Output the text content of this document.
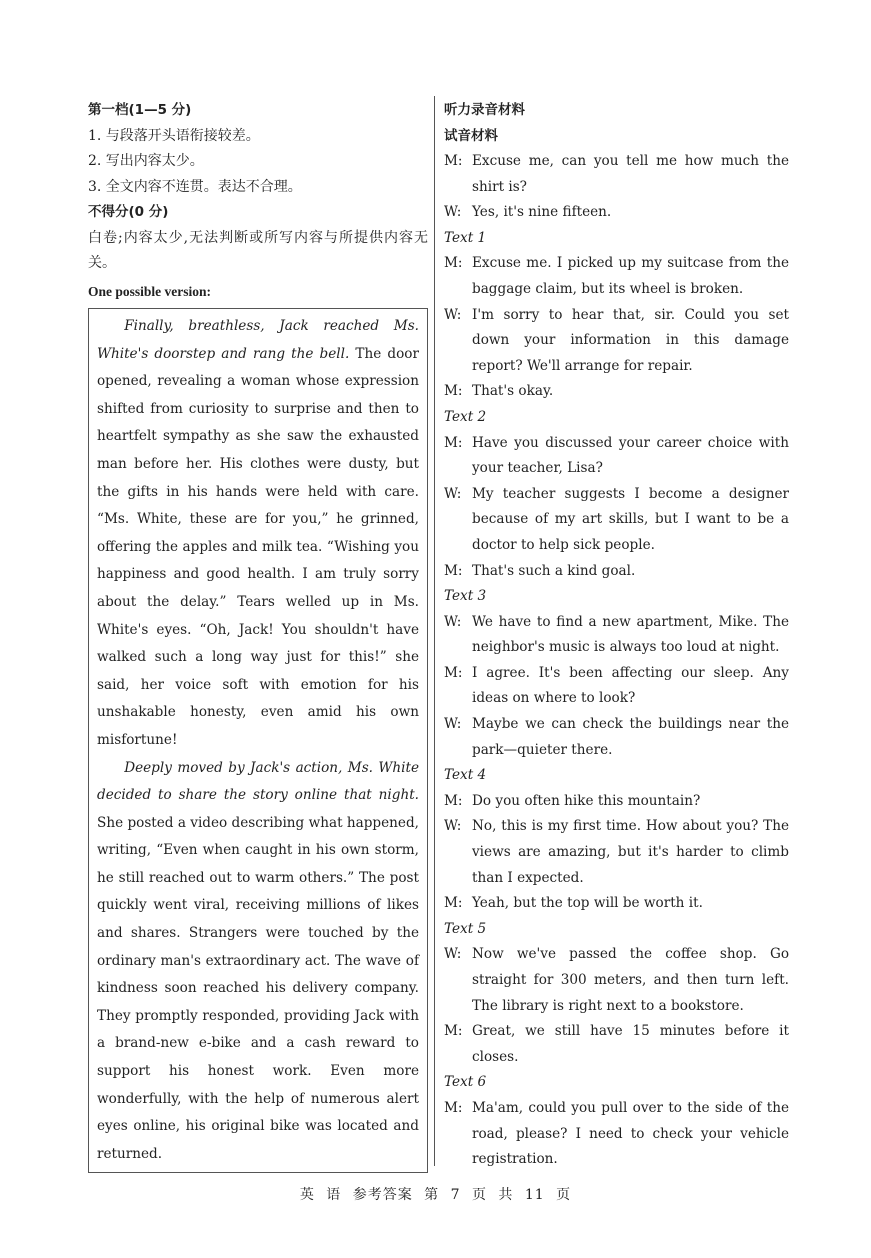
第一档(1—5 分)
1. 与段落开头语衔接较差。
2. 写出内容太少。
3. 全文内容不连贯。表达不合理。
不得分(0 分)
白卷;内容太少,无法判断或所写内容与所提供内容无关。
One possible version:

Finally, breathless, Jack reached Ms. White's doorstep and rang the bell. The door opened, revealing a woman whose expression shifted from curiosity to surprise and then to heartfelt sympathy as she saw the exhausted man before her. His clothes were dusty, but the gifts in his hands were held with care. “Ms. White, these are for you,” he grinned, offering the apples and milk tea. “Wishing you happiness and good health. I am truly sorry about the delay.” Tears welled up in Ms. White's eyes. “Oh, Jack! You shouldn't have walked such a long way just for this!” she said, her voice soft with emotion for his unshakable honesty, even amid his own misfortune!

Deeply moved by Jack's action, Ms. White decided to share the story online that night. She posted a video describing what happened, writing, “Even when caught in his own storm, he still reached out to warm others.” The post quickly went viral, receiving millions of likes and shares. Strangers were touched by the ordinary man's extraordinary act. The wave of kindness soon reached his delivery company. They promptly responded, providing Jack with a brand-new e-bike and a cash reward to support his honest work. Even more wonderfully, with the help of numerous alert eyes online, his original bike was located and returned.

听力录音材料
试音材料
M: Excuse me, can you tell me how much the shirt is?
W: Yes, it's nine fifteen.
Text 1
M: Excuse me. I picked up my suitcase from the baggage claim, but its wheel is broken.
W: I'm sorry to hear that, sir. Could you set down your information in this damage report? We'll arrange for repair.
M: That's okay.
Text 2
M: Have you discussed your career choice with your teacher, Lisa?
W: My teacher suggests I become a designer because of my art skills, but I want to be a doctor to help sick people.
M: That's such a kind goal.
Text 3
W: We have to find a new apartment, Mike. The neighbor's music is always too loud at night.
M: I agree. It's been affecting our sleep. Any ideas on where to look?
W: Maybe we can check the buildings near the park—quieter there.
Text 4
M: Do you often hike this mountain?
W: No, this is my first time. How about you? The views are amazing, but it's harder to climb than I expected.
M: Yeah, but the top will be worth it.
Text 5
W: Now we've passed the coffee shop. Go straight for 300 meters, and then turn left. The library is right next to a bookstore.
M: Great, we still have 15 minutes before it closes.
Text 6
M: Ma'am, could you pull over to the side of the road, please? I need to check your vehicle registration.
英 语 参考答案 第 7 页 共 11 页
